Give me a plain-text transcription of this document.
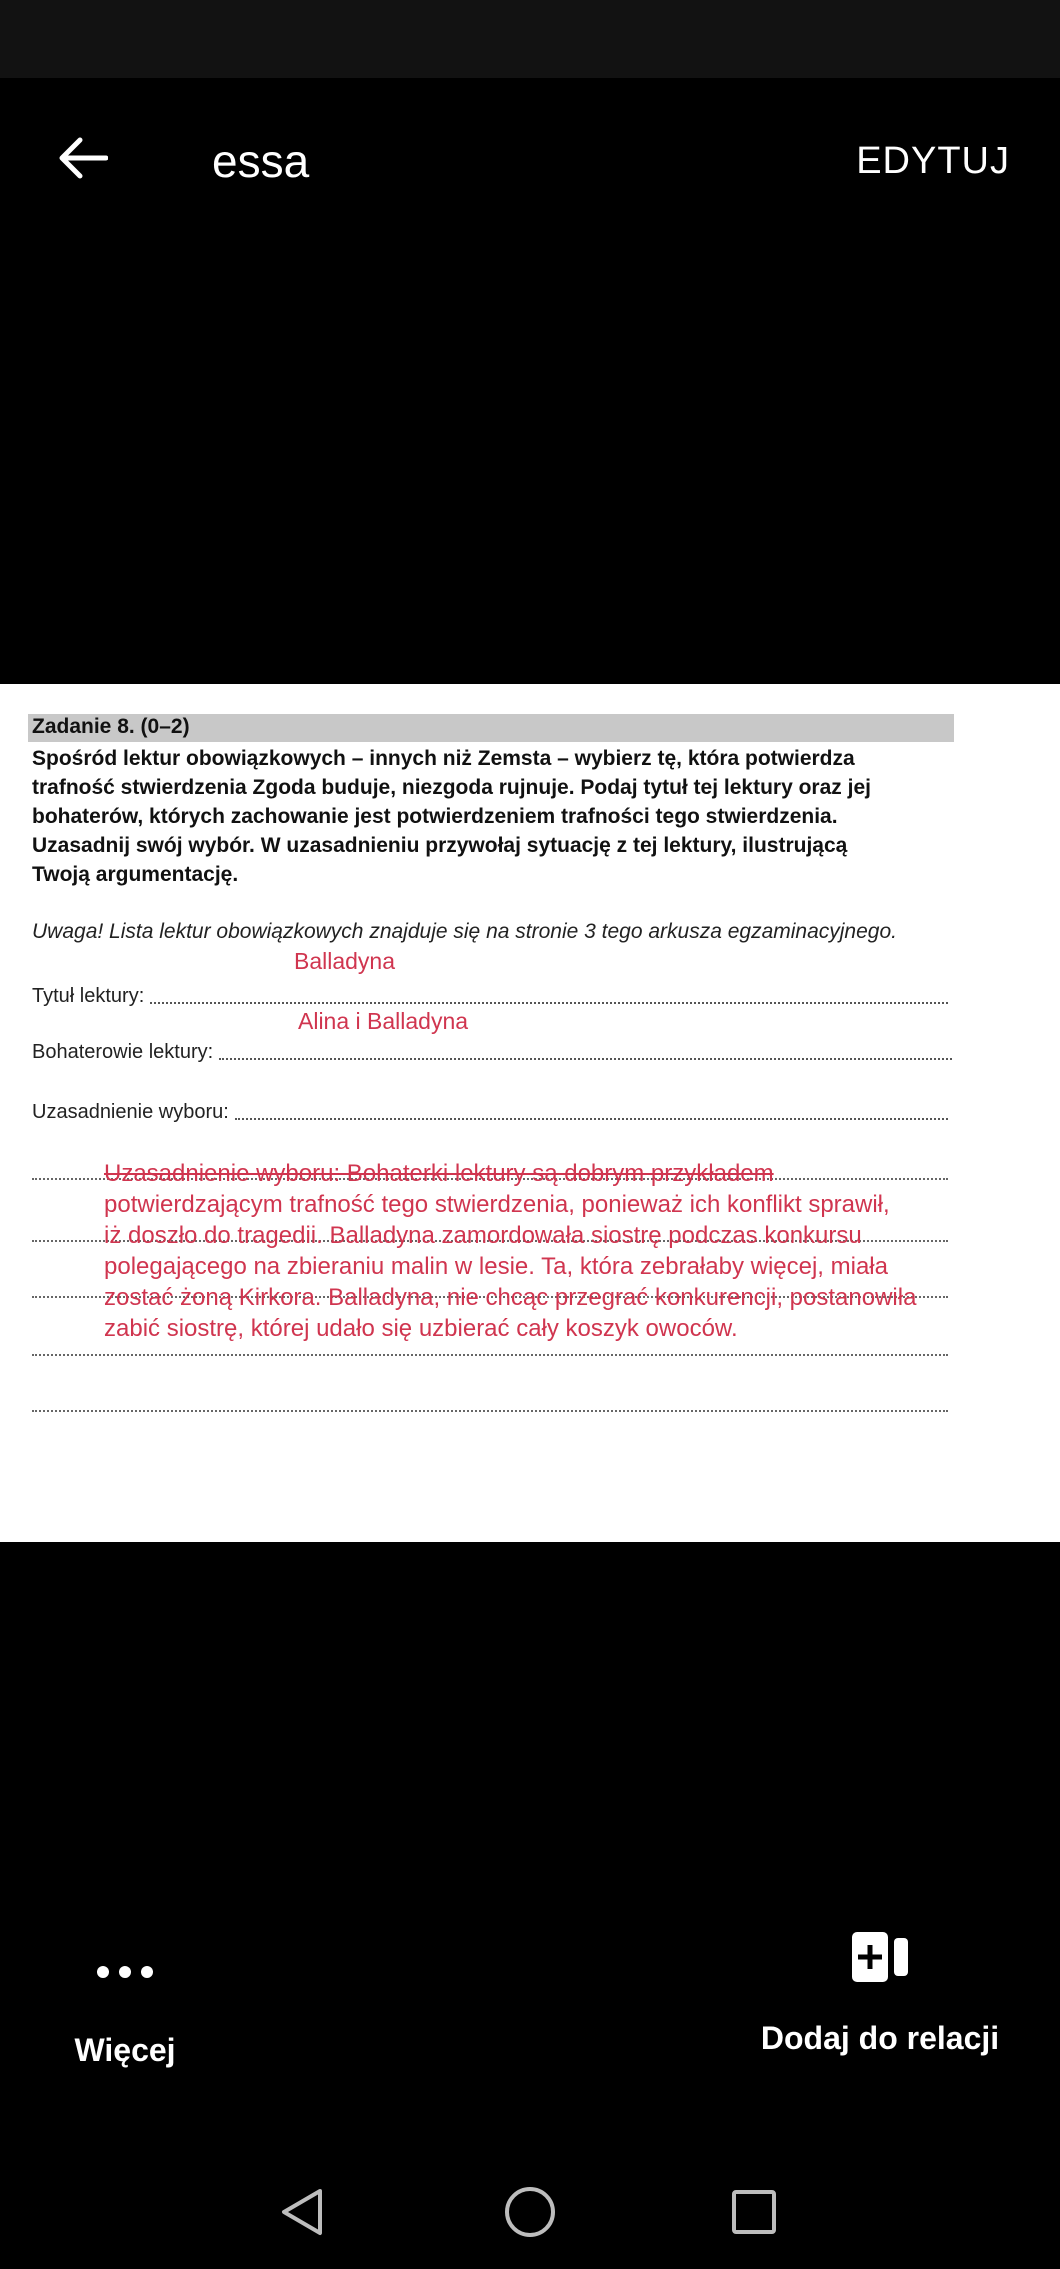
essa	EDYTUJ
Zadanie 8. (0–2)
Spośród lektur obowiązkowych – innych niż Zemsta – wybierz tę, która potwierdza
trafność stwierdzenia Zgoda buduje, niezgoda rujnuje. Podaj tytuł tej lektury oraz jej
bohaterów, których zachowanie jest potwierdzeniem trafności tego stwierdzenia.
Uzasadnij swój wybór. W uzasadnieniu przywołaj sytuację z tej lektury, ilustrującą
Twoją argumentację.
Uwaga! Lista lektur obowiązkowych znajduje się na stronie 3 tego arkusza egzaminacyjnego.
Balladyna
Tytuł lektury:
Alina i Balladyna
Bohaterowie lektury:
Uzasadnienie wyboru:
Uzasadnienie wyboru: Bohaterki lektury są dobrym przykładem
potwierdzającym trafność tego stwierdzenia, ponieważ ich konflikt sprawił,
iż doszło do tragedii. Balladyna zamordowała siostrę podczas konkursu
polegającego na zbieraniu malin w lesie. Ta, która zebrałaby więcej, miała
zostać żoną Kirkora. Balladyna, nie chcąc przegrać konkurencji, postanowiła
zabić siostrę, której udało się uzbierać cały koszyk owoców.
Więcej	Dodaj do relacji
